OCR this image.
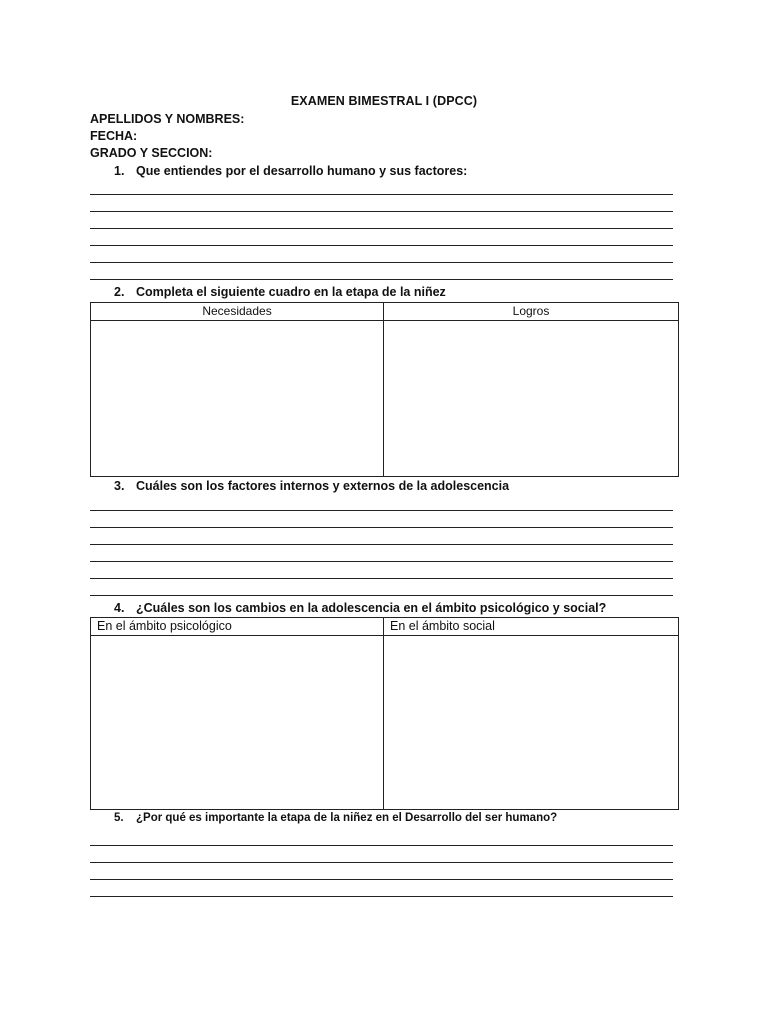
EXAMEN BIMESTRAL I (DPCC)
APELLIDOS Y NOMBRES:
FECHA:
GRADO Y SECCION:
1. Que entiendes por el desarrollo humano y sus factores:
2. Completa el siguiente cuadro en la etapa de la niñez
Necesidades	Logros

3. Cuáles son los factores internos y externos de la adolescencia
4. ¿Cuáles son los cambios en la adolescencia en el ámbito psicológico y social?
En el ámbito psicológico	En el ámbito social

5. ¿Por qué es importante la etapa de la niñez en el Desarrollo del ser humano?
